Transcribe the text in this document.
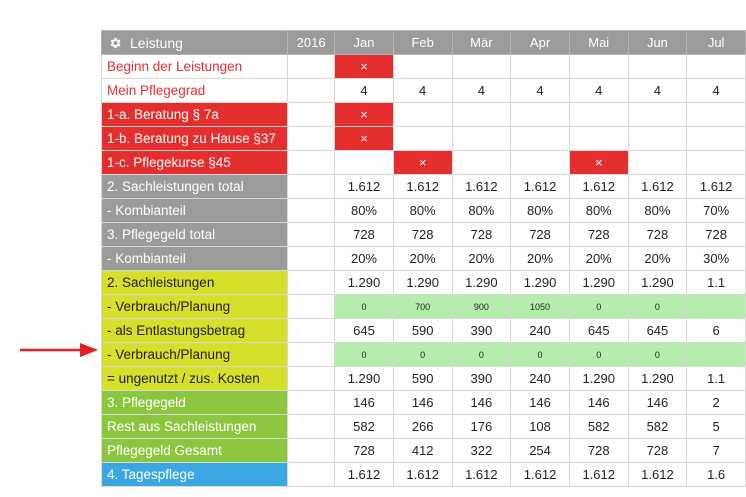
Leistung	2016	Jan	Feb	Mär	Apr	Mai	Jun	Jul
Beginn der Leistungen		×						
Mein Pflegegrad		4	4	4	4	4	4	4
1-a. Beratung § 7a		×						
1-b. Beratung zu Hause §37		×						
1-c. Pflegekurse §45			×			×		
2. Sachleistungen total		1.612	1.612	1.612	1.612	1.612	1.612	1.612
- Kombianteil		80%	80%	80%	80%	80%	80%	70%
3. Pflegegeld total		728	728	728	728	728	728	728
- Kombianteil		20%	20%	20%	20%	20%	20%	30%
2. Sachleistungen		1.290	1.290	1.290	1.290	1.290	1.290	1.1
- Verbrauch/Planung		0	700	900	1050	0	0	
- als Entlastungsbetrag		645	590	390	240	645	645	6
- Verbrauch/Planung		0	0	0	0	0	0	
= ungenutzt / zus. Kosten		1.290	590	390	240	1.290	1.290	1.1
3. Pflegegeld		146	146	146	146	146	146	2
Rest aus Sachleistungen		582	266	176	108	582	582	5
Pflegegeld Gesamt		728	412	322	254	728	728	7
4. Tagespflege		1.612	1.612	1.612	1.612	1.612	1.612	1.6
